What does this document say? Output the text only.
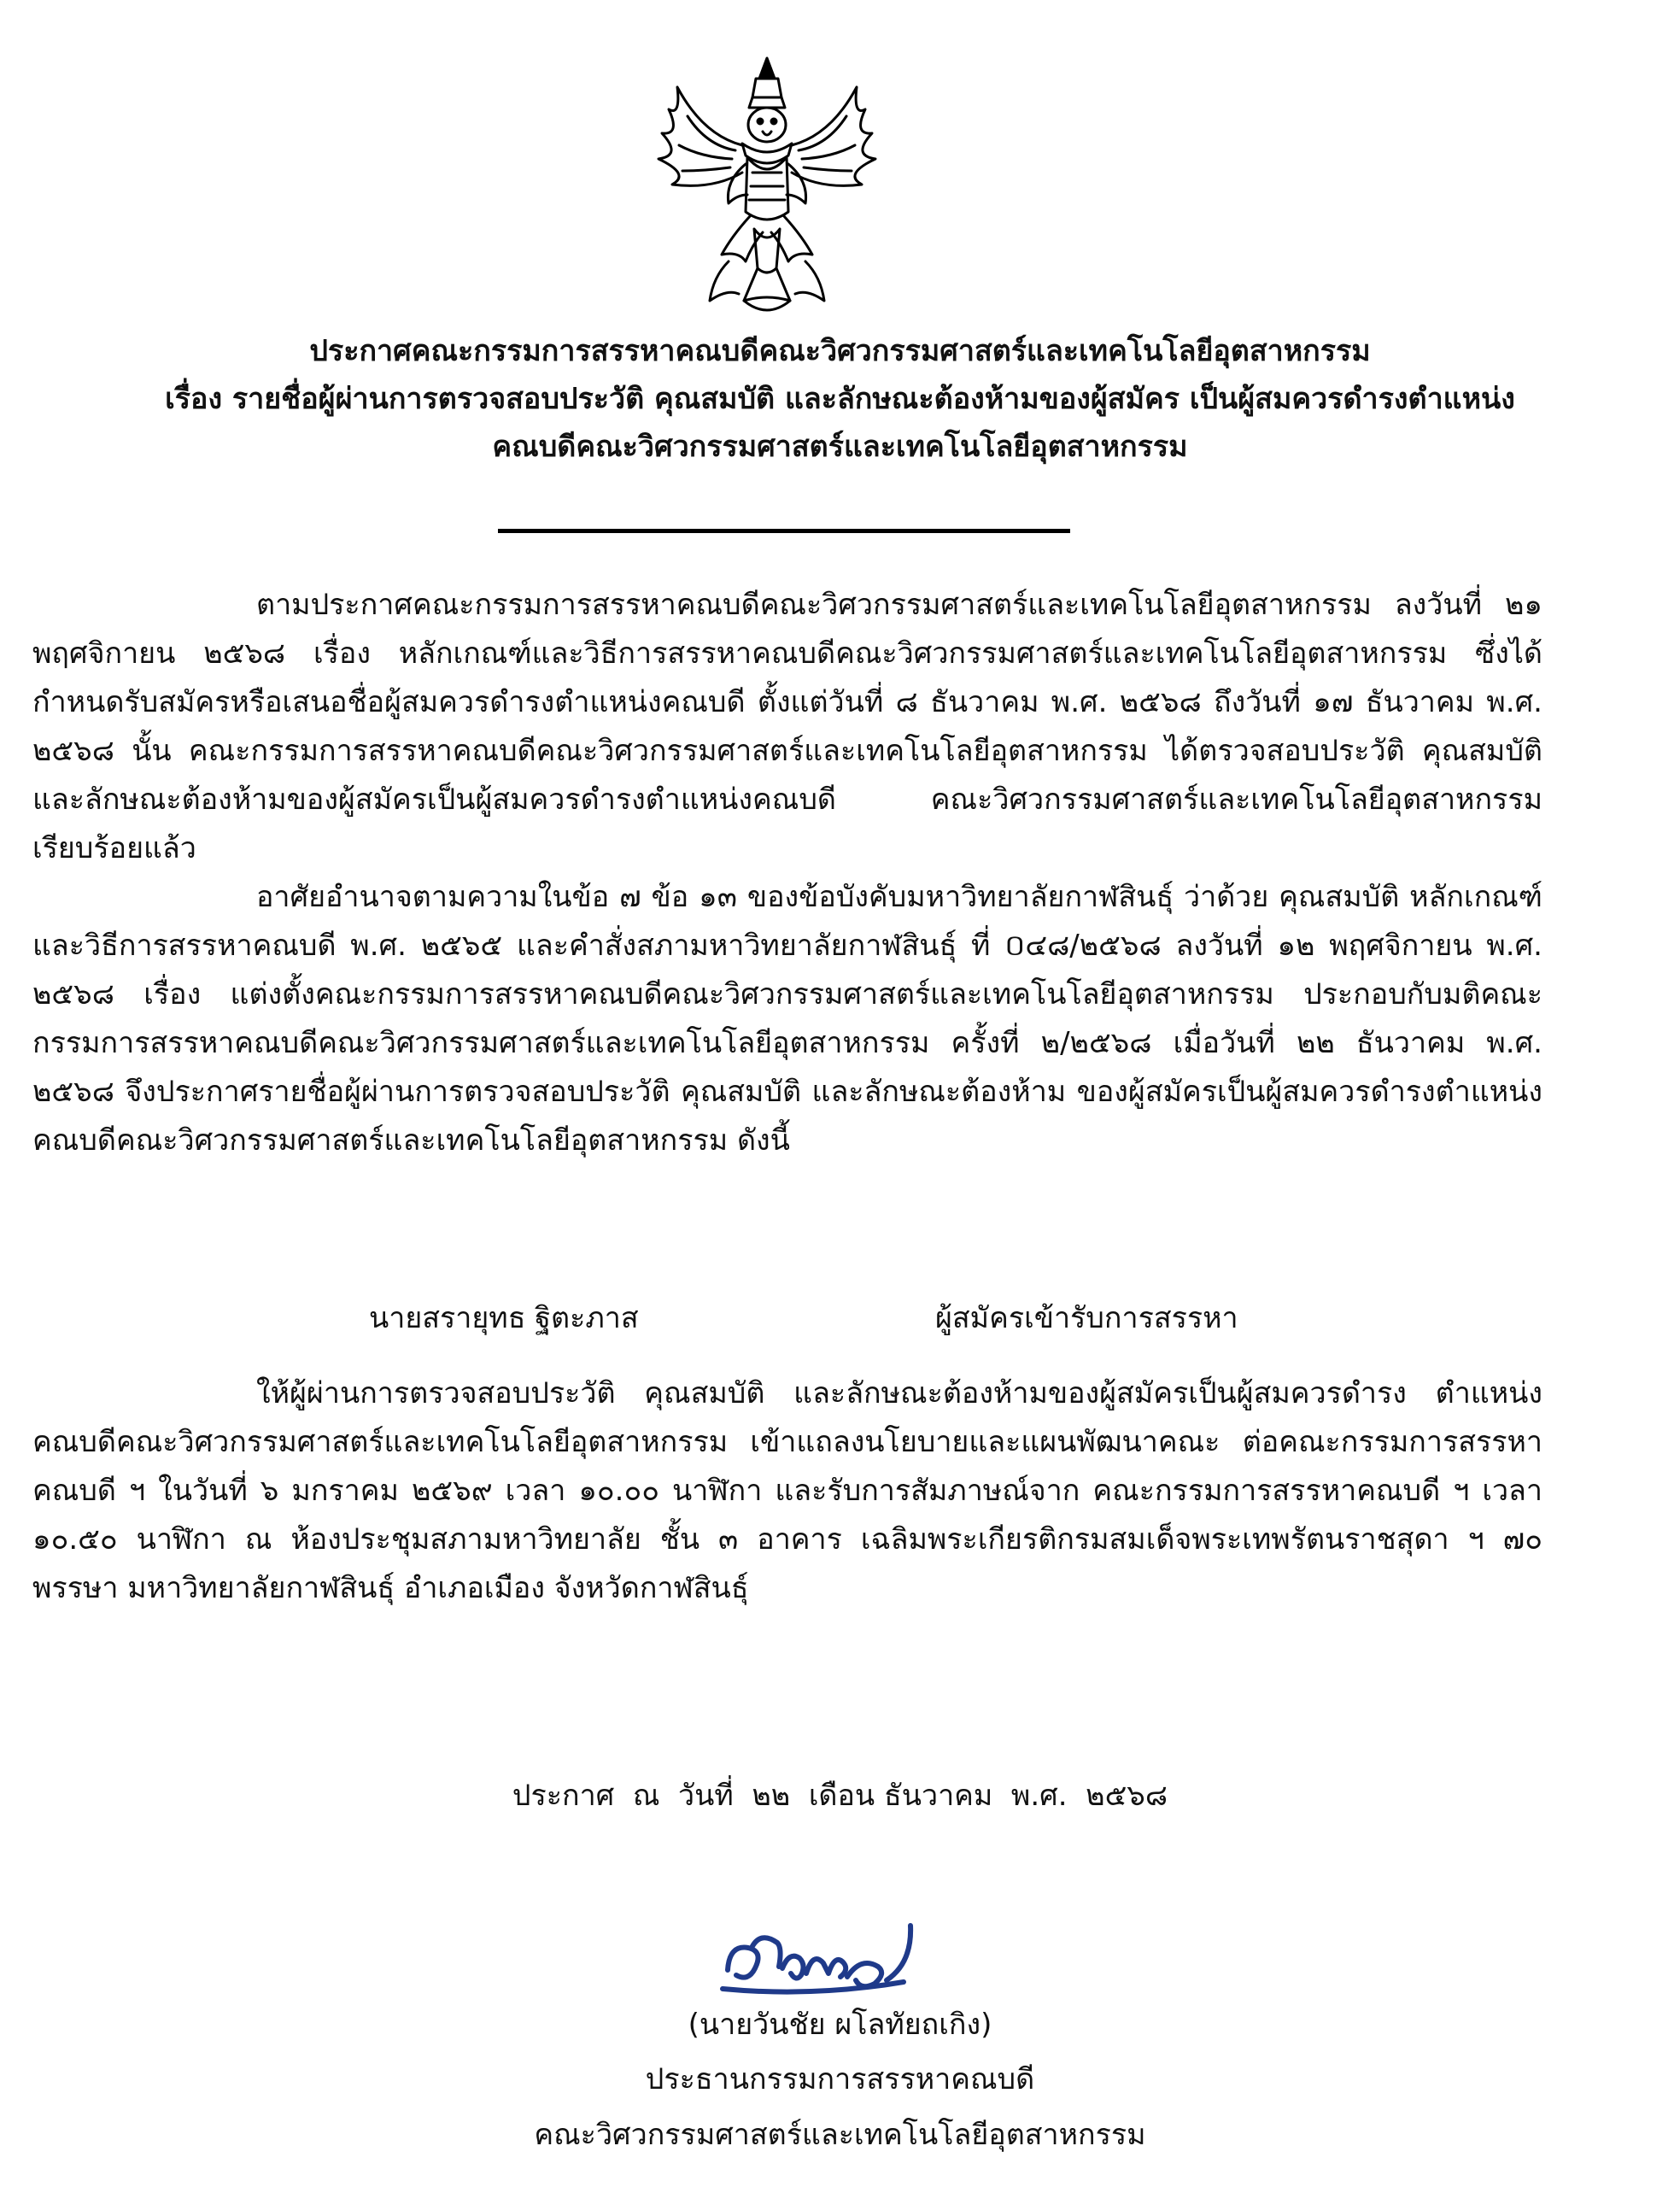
ประกาศคณะกรรมการสรรหาคณบดีคณะวิศวกรรมศาสตร์และเทคโนโลยีอุตสาหกรรม
เรื่อง รายชื่อผู้ผ่านการตรวจสอบประวัติ คุณสมบัติ และลักษณะต้องห้ามของผู้สมัคร เป็นผู้สมควรดำรงตำแหน่ง
คณบดีคณะวิศวกรรมศาสตร์และเทคโนโลยีอุตสาหกรรม

ตามประกาศคณะกรรมการสรรหาคณบดีคณะวิศวกรรมศาสตร์และเทคโนโลยีอุตสาหกรรม ลงวันที่ ๒๑ พฤศจิกายน ๒๕๖๘ เรื่อง หลักเกณฑ์และวิธีการสรรหาคณบดีคณะวิศวกรรมศาสตร์และเทคโนโลยีอุตสาหกรรม ซึ่งได้กำหนดรับสมัครหรือเสนอชื่อผู้สมควรดำรงตำแหน่งคณบดี ตั้งแต่วันที่ ๘ ธันวาคม พ.ศ. ๒๕๖๘ ถึงวันที่ ๑๗ ธันวาคม พ.ศ. ๒๕๖๘ นั้น คณะกรรมการสรรหาคณบดีคณะวิศวกรรมศาสตร์และเทคโนโลยีอุตสาหกรรม ได้ตรวจสอบประวัติ คุณสมบัติ และลักษณะต้องห้ามของผู้สมัครเป็นผู้สมควรดำรงตำแหน่งคณบดี คณะวิศวกรรมศาสตร์และเทคโนโลยีอุตสาหกรรมเรียบร้อยแล้ว

อาศัยอำนาจตามความในข้อ ๗ ข้อ ๑๓ ของข้อบังคับมหาวิทยาลัยกาฬสินธุ์ ว่าด้วย คุณสมบัติ หลักเกณฑ์ และวิธีการสรรหาคณบดี พ.ศ. ๒๕๖๕ และคำสั่งสภามหาวิทยาลัยกาฬสินธุ์ ที่ ០๔๘/๒๕๖๘ ลงวันที่ ๑๒ พฤศจิกายน พ.ศ. ๒๕๖๘ เรื่อง แต่งตั้งคณะกรรมการสรรหาคณบดีคณะวิศวกรรมศาสตร์และเทคโนโลยีอุตสาหกรรม ประกอบกับมติคณะกรรมการสรรหาคณบดีคณะวิศวกรรมศาสตร์และเทคโนโลยีอุตสาหกรรม ครั้งที่ ๒/๒๕๖๘ เมื่อวันที่ ๒๒ ธันวาคม พ.ศ. ๒๕๖๘ จึงประกาศรายชื่อผู้ผ่านการตรวจสอบประวัติ คุณสมบัติ และลักษณะต้องห้าม ของผู้สมัครเป็นผู้สมควรดำรงตำแหน่งคณบดีคณะวิศวกรรมศาสตร์และเทคโนโลยีอุตสาหกรรม ดังนี้

นายสรายุทธ ฐิตะภาส	ผู้สมัครเข้ารับการสรรหา

ให้ผู้ผ่านการตรวจสอบประวัติ คุณสมบัติ และลักษณะต้องห้ามของผู้สมัครเป็นผู้สมควรดำรง ตำแหน่งคณบดีคณะวิศวกรรมศาสตร์และเทคโนโลยีอุตสาหกรรม เข้าแถลงนโยบายและแผนพัฒนาคณะ ต่อคณะกรรมการสรรหาคณบดี ฯ ในวันที่ ๖ มกราคม ๒๕๖๙ เวลา ๑๐.๐๐ นาฬิกา และรับการสัมภาษณ์จาก คณะกรรมการสรรหาคณบดี ฯ เวลา ๑๐.๕๐ นาฬิกา ณ ห้องประชุมสภามหาวิทยาลัย ชั้น ๓ อาคาร เฉลิมพระเกียรติกรมสมเด็จพระเทพรัตนราชสุดา ฯ ๗๐ พรรษา มหาวิทยาลัยกาฬสินธุ์ อำเภอเมือง จังหวัดกาฬสินธุ์

ประกาศ  ณ  วันที่  ๒๒  เดือน ธันวาคม  พ.ศ.  ๒๕๖๘
(นายวันชัย ผโลทัยถเกิง)
ประธานกรรมการสรรหาคณบดี
คณะวิศวกรรมศาสตร์และเทคโนโลยีอุตสาหกรรม
